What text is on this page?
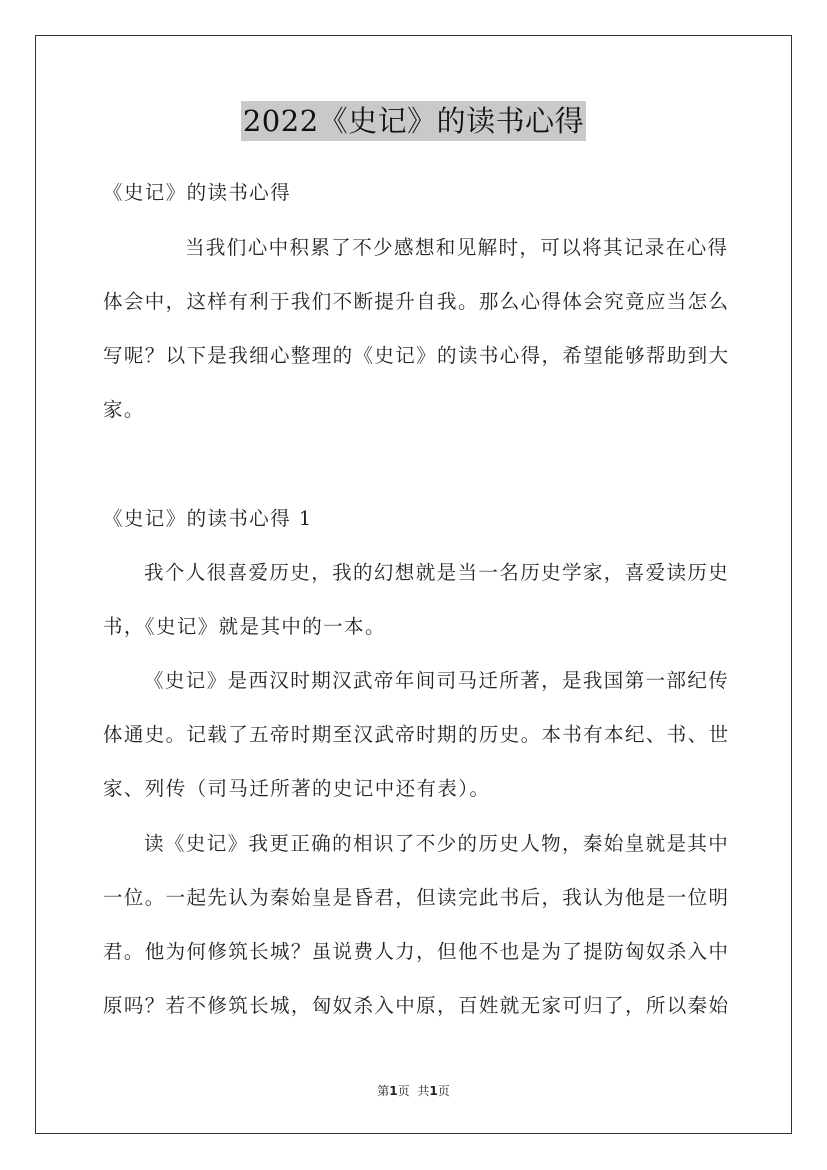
2022《史记》的读书心得
《史记》的读书心得
当我们心中积累了不少感想和见解时，可以将其记录在心得
体会中，这样有利于我们不断提升自我。那么心得体会究竟应当怎么
写呢？以下是我细心整理的《史记》的读书心得，希望能够帮助到大
家。
《史记》的读书心得 1
我个人很喜爱历史，我的幻想就是当一名历史学家，喜爱读历史
书，《史记》就是其中的一本。
《史记》是西汉时期汉武帝年间司马迁所著，是我国第一部纪传
体通史。记载了五帝时期至汉武帝时期的历史。本书有本纪、书、世
家、列传（司马迁所著的史记中还有表）。
读《史记》我更正确的相识了不少的历史人物，秦始皇就是其中
一位。一起先认为秦始皇是昏君，但读完此书后，我认为他是一位明
君。他为何修筑长城？虽说费人力，但他不也是为了提防匈奴杀入中
原吗？若不修筑长城，匈奴杀入中原，百姓就无家可归了，所以秦始
第1页 共1页
